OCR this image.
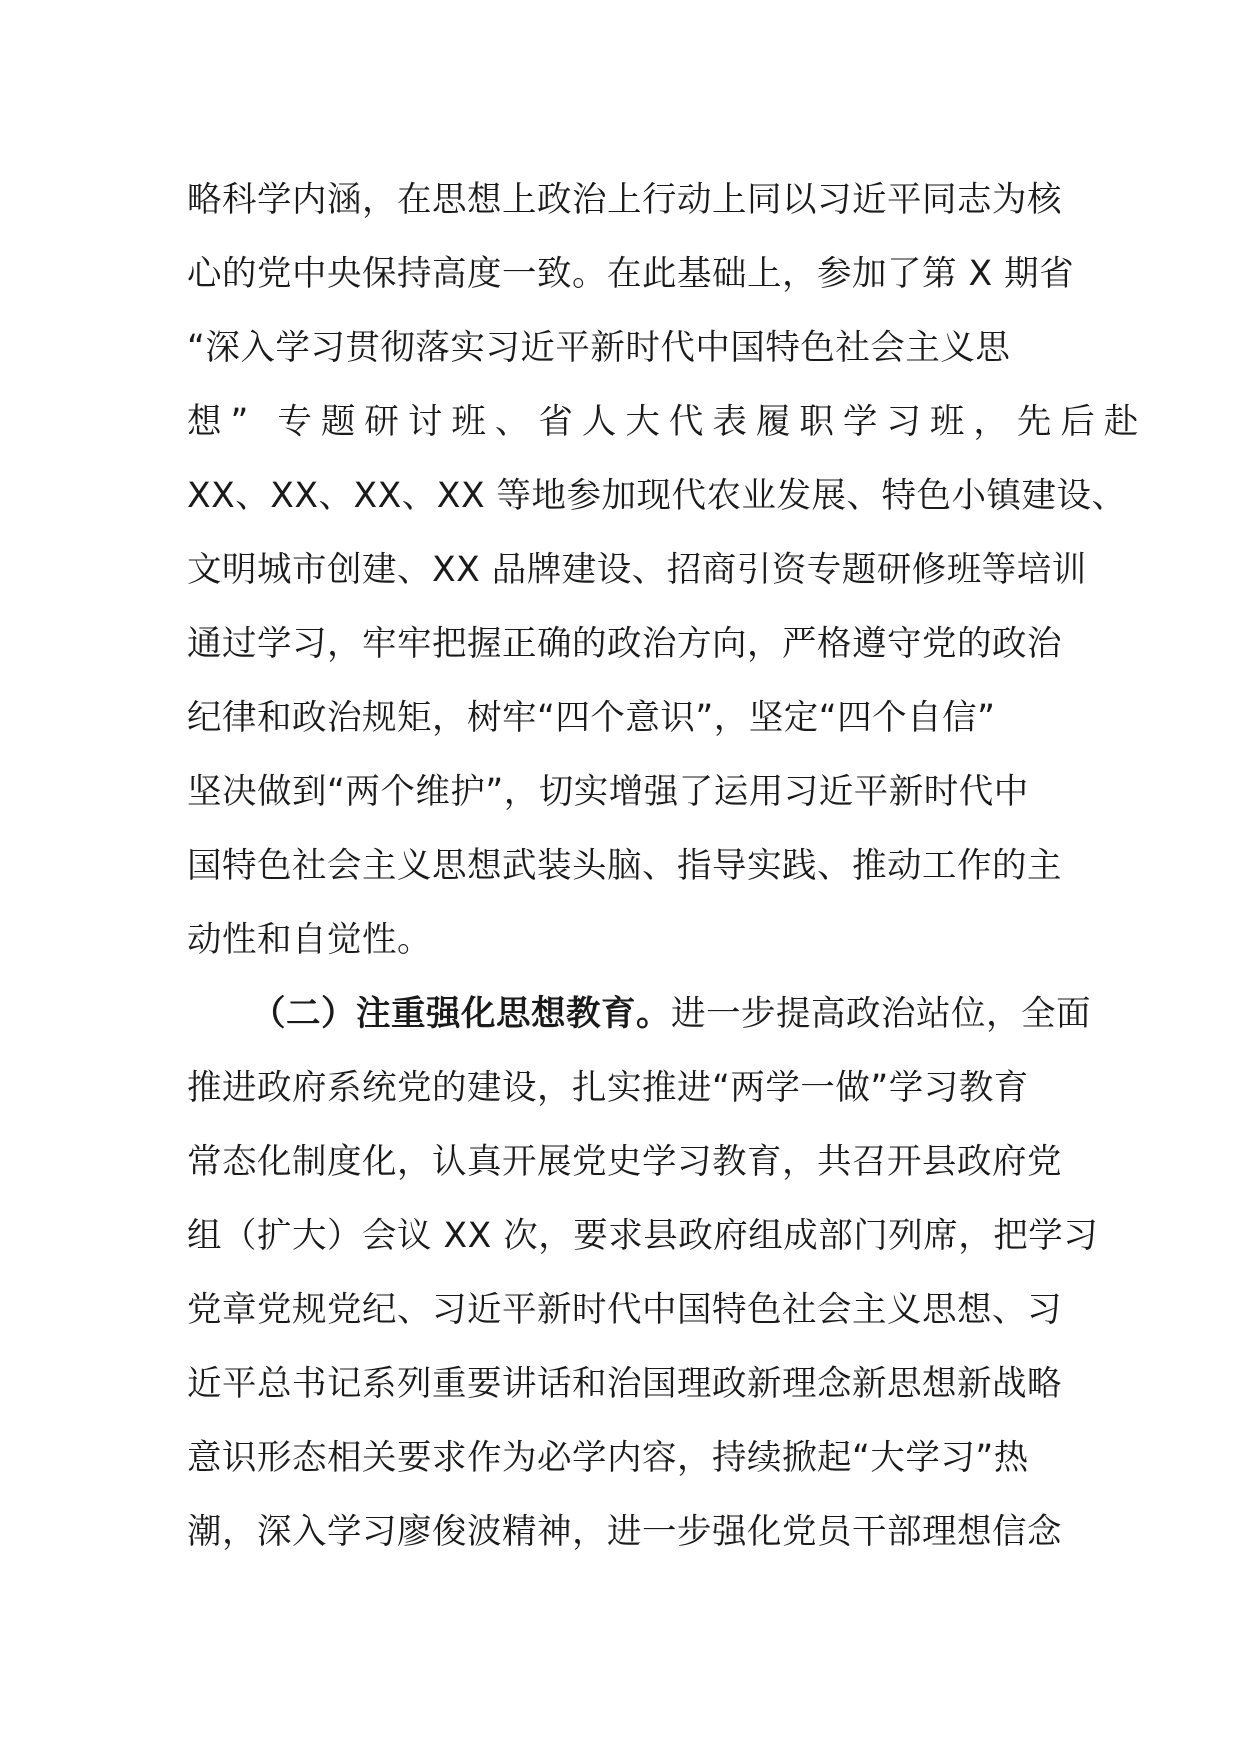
略科学内涵，在思想上政治上行动上同以习近平同志为核
心的党中央保持高度一致。在此基础上，参加了第 X 期省
“深入学习贯彻落实习近平新时代中国特色社会主义思
想” 专题研讨班、省人大代表履职学习班，先后赴
XX、XX、XX、XX 等地参加现代农业发展、特色小镇建设、
文明城市创建、XX 品牌建设、招商引资专题研修班等培训
通过学习，牢牢把握正确的政治方向，严格遵守党的政治
纪律和政治规矩，树牢“四个意识”，坚定“四个自信”
坚决做到“两个维护”，切实增强了运用习近平新时代中
国特色社会主义思想武装头脑、指导实践、推动工作的主
动性和自觉性。
（二）注重强化思想教育。进一步提高政治站位，全面
推进政府系统党的建设，扎实推进“两学一做”学习教育
常态化制度化，认真开展党史学习教育，共召开县政府党
组（扩大）会议 XX 次，要求县政府组成部门列席，把学习
党章党规党纪、习近平新时代中国特色社会主义思想、习
近平总书记系列重要讲话和治国理政新理念新思想新战略
意识形态相关要求作为必学内容，持续掀起“大学习”热
潮，深入学习廖俊波精神，进一步强化党员干部理想信念
